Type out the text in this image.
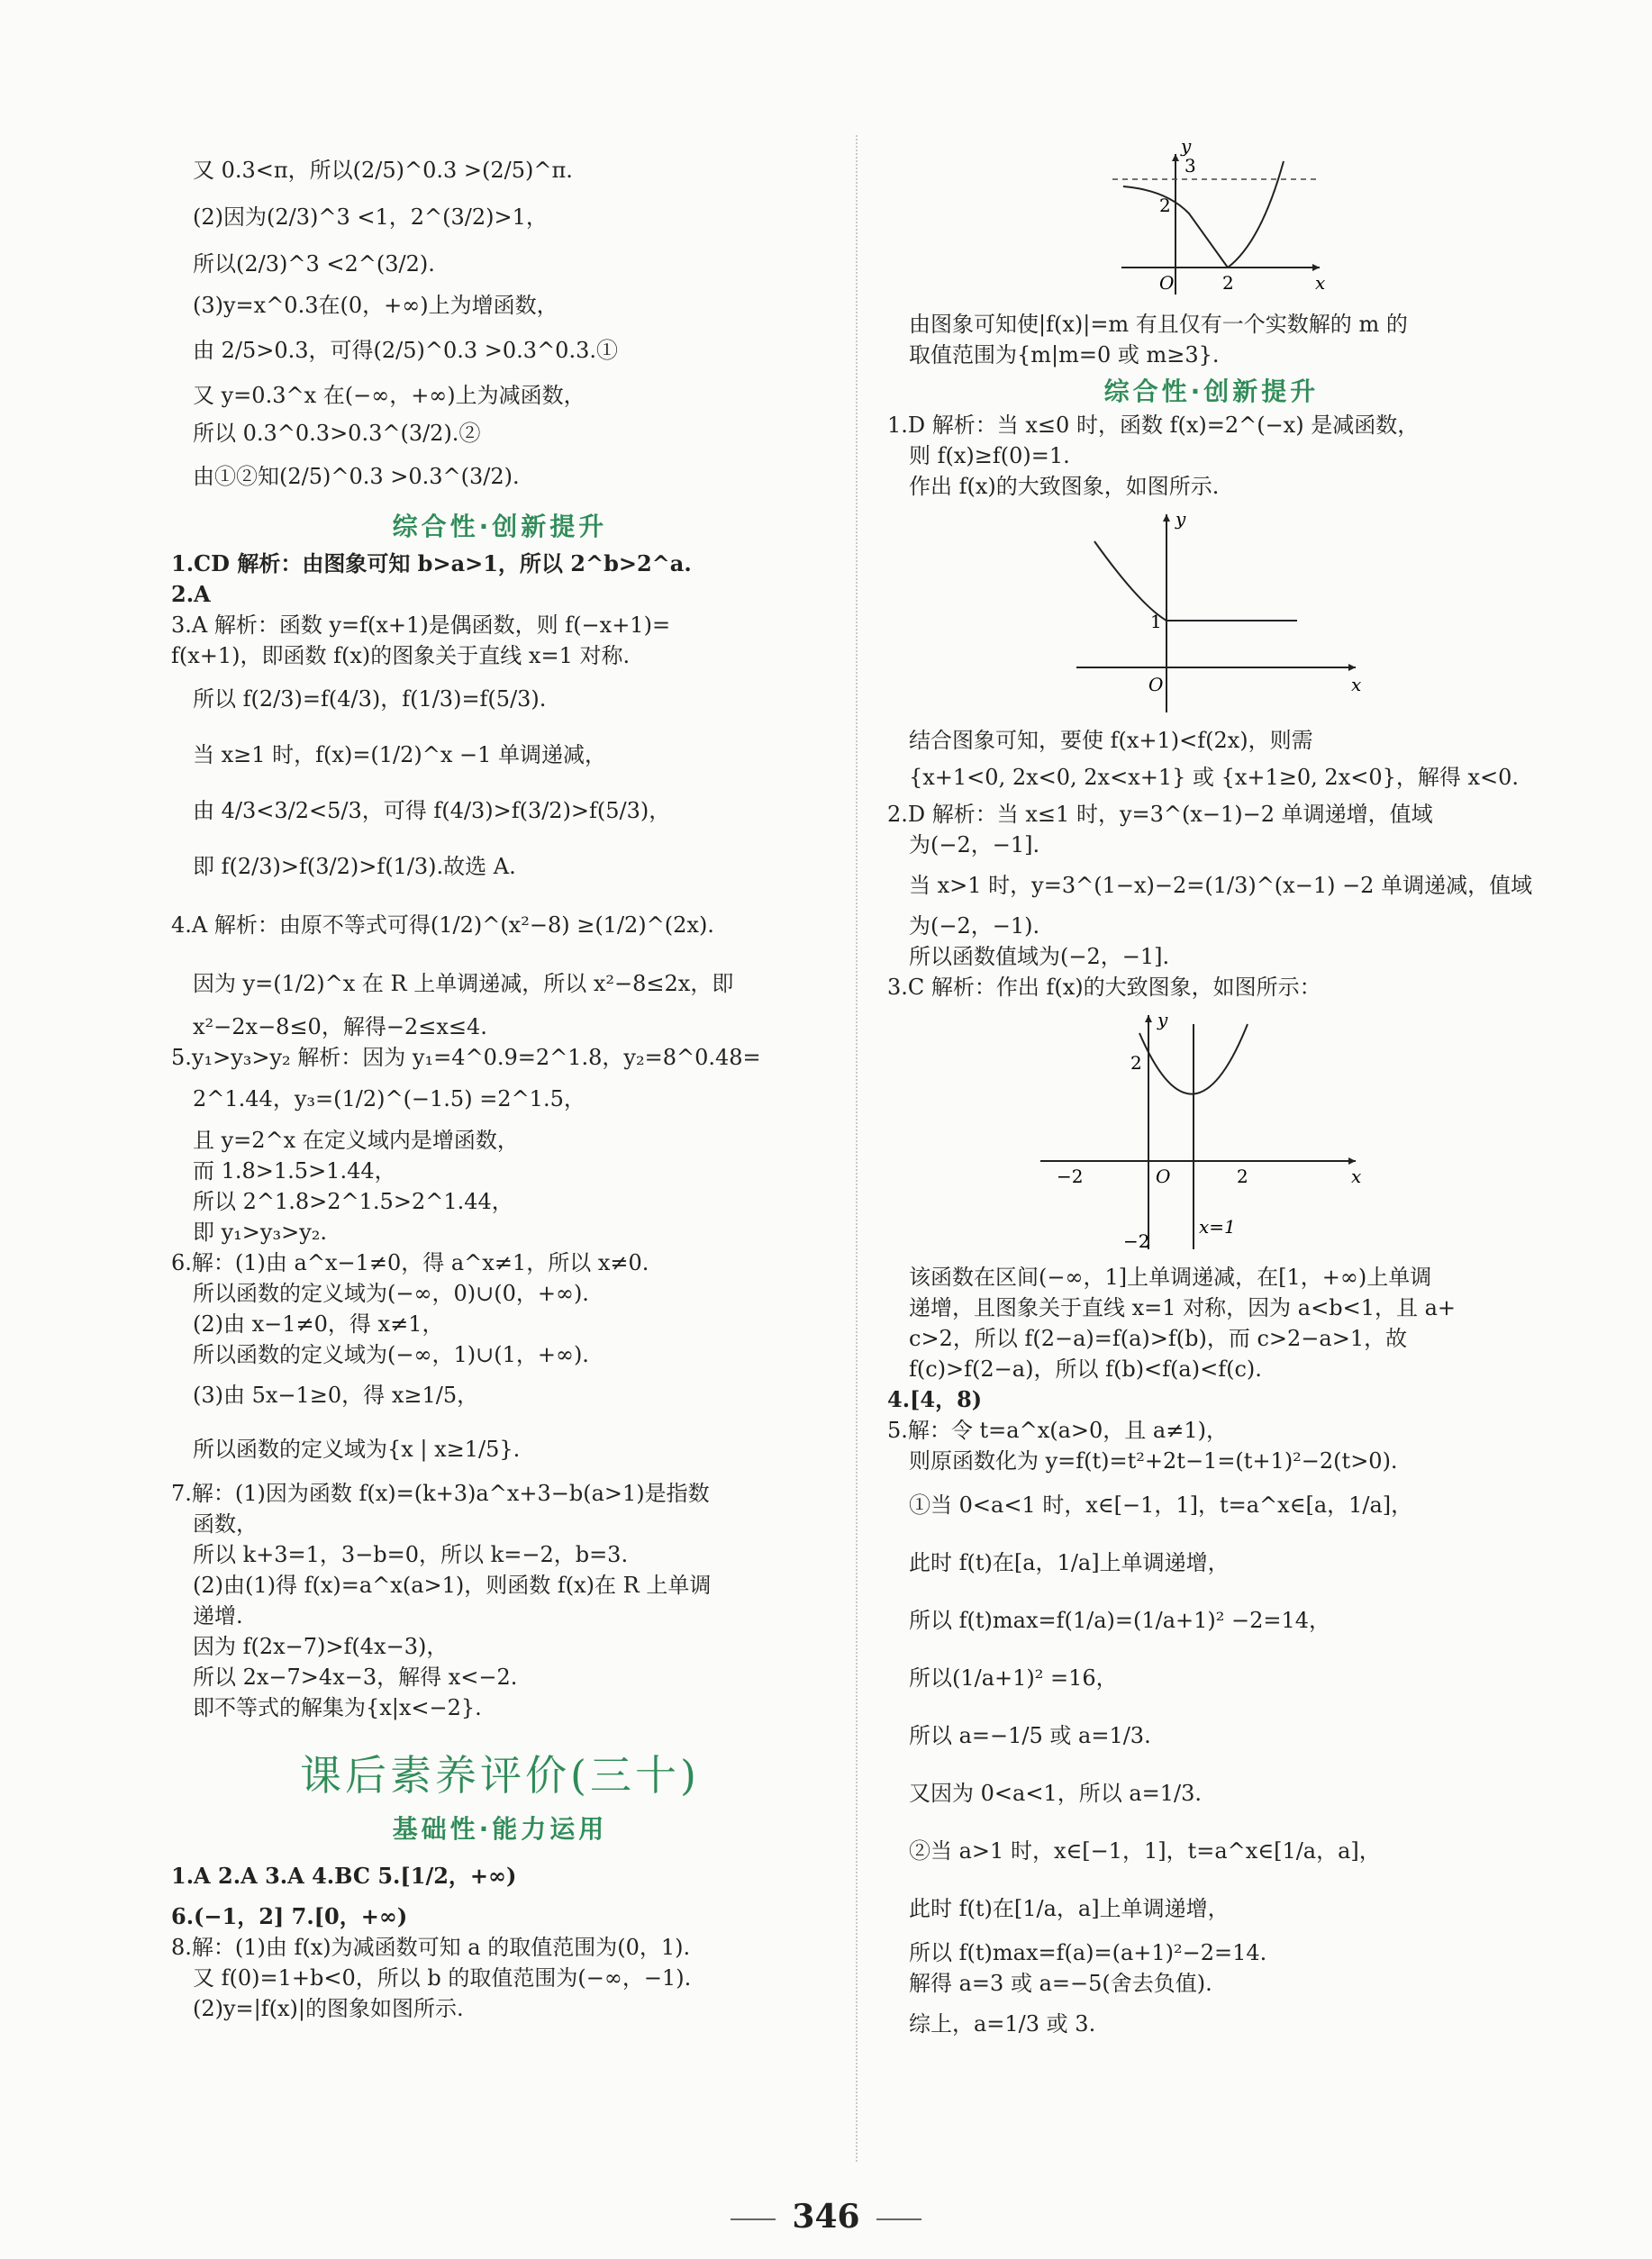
又 0.3<π，所以(2/5)^0.3 >(2/5)^π.

(2)因为(2/3)^3 <1，2^(3/2)>1，

所以(2/3)^3 <2^(3/2).

(3)y=x^0.3在(0，+∞)上为增函数，

由 2/5>0.3，可得(2/5)^0.3 >0.3^0.3.①

又 y=0.3^x 在(−∞，+∞)上为减函数，

所以 0.3^0.3>0.3^(3/2).②

由①②知(2/5)^0.3 >0.3^(3/2).

综合性·创新提升

1.CD 解析：由图象可知 b>a>1，所以 2^b>2^a.

2.A

3.A 解析：函数 y=f(x+1)是偶函数，则 f(−x+1)=

f(x+1)，即函数 f(x)的图象关于直线 x=1 对称.

所以 f(2/3)=f(4/3)，f(1/3)=f(5/3).

当 x≥1 时，f(x)=(1/2)^x −1 单调递减，

由 4/3<3/2<5/3，可得 f(4/3)>f(3/2)>f(5/3)，

即 f(2/3)>f(3/2)>f(1/3).故选 A.

4.A 解析：由原不等式可得(1/2)^(x²−8) ≥(1/2)^(2x).

因为 y=(1/2)^x 在 R 上单调递减，所以 x²−8≤2x，即

x²−2x−8≤0，解得−2≤x≤4.

5.y₁>y₃>y₂ 解析：因为 y₁=4^0.9=2^1.8，y₂=8^0.48=

2^1.44，y₃=(1/2)^(−1.5) =2^1.5，

且 y=2^x 在定义域内是增函数，

而 1.8>1.5>1.44，

所以 2^1.8>2^1.5>2^1.44，

即 y₁>y₃>y₂.

6.解：(1)由 a^x−1≠0，得 a^x≠1，所以 x≠0.

所以函数的定义域为(−∞，0)∪(0，+∞).

(2)由 x−1≠0，得 x≠1，

所以函数的定义域为(−∞，1)∪(1，+∞).

(3)由 5x−1≥0，得 x≥1/5，

所以函数的定义域为{x | x≥1/5}.

7.解：(1)因为函数 f(x)=(k+3)a^x+3−b(a>1)是指数

函数，

所以 k+3=1，3−b=0，所以 k=−2，b=3.

(2)由(1)得 f(x)=a^x(a>1)，则函数 f(x)在 R 上单调

递增.

因为 f(2x−7)>f(4x−3)，

所以 2x−7>4x−3，解得 x<−2.

即不等式的解集为{x|x<−2}.

课后素养评价(三十)
基础性·能力运用

1.A 2.A 3.A 4.BC 5.[1/2，+∞)

6.(−1，2] 7.[0，+∞)

8.解：(1)由 f(x)为减函数可知 a 的取值范围为(0，1).

又 f(0)=1+b<0，所以 b 的取值范围为(−∞，−1).

(2)y=|f(x)|的图象如图所示.

y
x
O
3
2
2

由图象可知使|f(x)|=m 有且仅有一个实数解的 m 的

取值范围为{m|m=0 或 m≥3}.

综合性·创新提升

1.D 解析：当 x≤0 时，函数 f(x)=2^(−x) 是减函数，

则 f(x)≥f(0)=1.

作出 f(x)的大致图象，如图所示.

y
x
O
1

结合图象可知，要使 f(x+1)<f(2x)，则需

{x+1<0, 2x<0, 2x<x+1} 或 {x+1≥0, 2x<0}，解得 x<0.

2.D 解析：当 x≤1 时，y=3^(x−1)−2 单调递增，值域

为(−2，−1].

当 x>1 时，y=3^(1−x)−2=(1/3)^(x−1) −2 单调递减，值域

为(−2，−1).

所以函数值域为(−2，−1].

3.C 解析：作出 f(x)的大致图象，如图所示：

y
x
O
2
−2	2
−2
x=1

该函数在区间(−∞，1]上单调递减，在[1，+∞)上单调

递增，且图象关于直线 x=1 对称，因为 a<b<1，且 a+

c>2，所以 f(2−a)=f(a)>f(b)，而 c>2−a>1，故

f(c)>f(2−a)，所以 f(b)<f(a)<f(c).

4.[4，8)

5.解：令 t=a^x(a>0，且 a≠1)，

则原函数化为 y=f(t)=t²+2t−1=(t+1)²−2(t>0).

①当 0<a<1 时，x∈[−1，1]，t=a^x∈[a，1/a]，

此时 f(t)在[a，1/a]上单调递增，

所以 f(t)max=f(1/a)=(1/a+1)² −2=14，

所以(1/a+1)² =16，

所以 a=−1/5 或 a=1/3.

又因为 0<a<1，所以 a=1/3.

②当 a>1 时，x∈[−1，1]，t=a^x∈[1/a，a]，

此时 f(t)在[1/a，a]上单调递增，

所以 f(t)max=f(a)=(a+1)²−2=14.

解得 a=3 或 a=−5(舍去负值).

综上，a=1/3 或 3.

346
